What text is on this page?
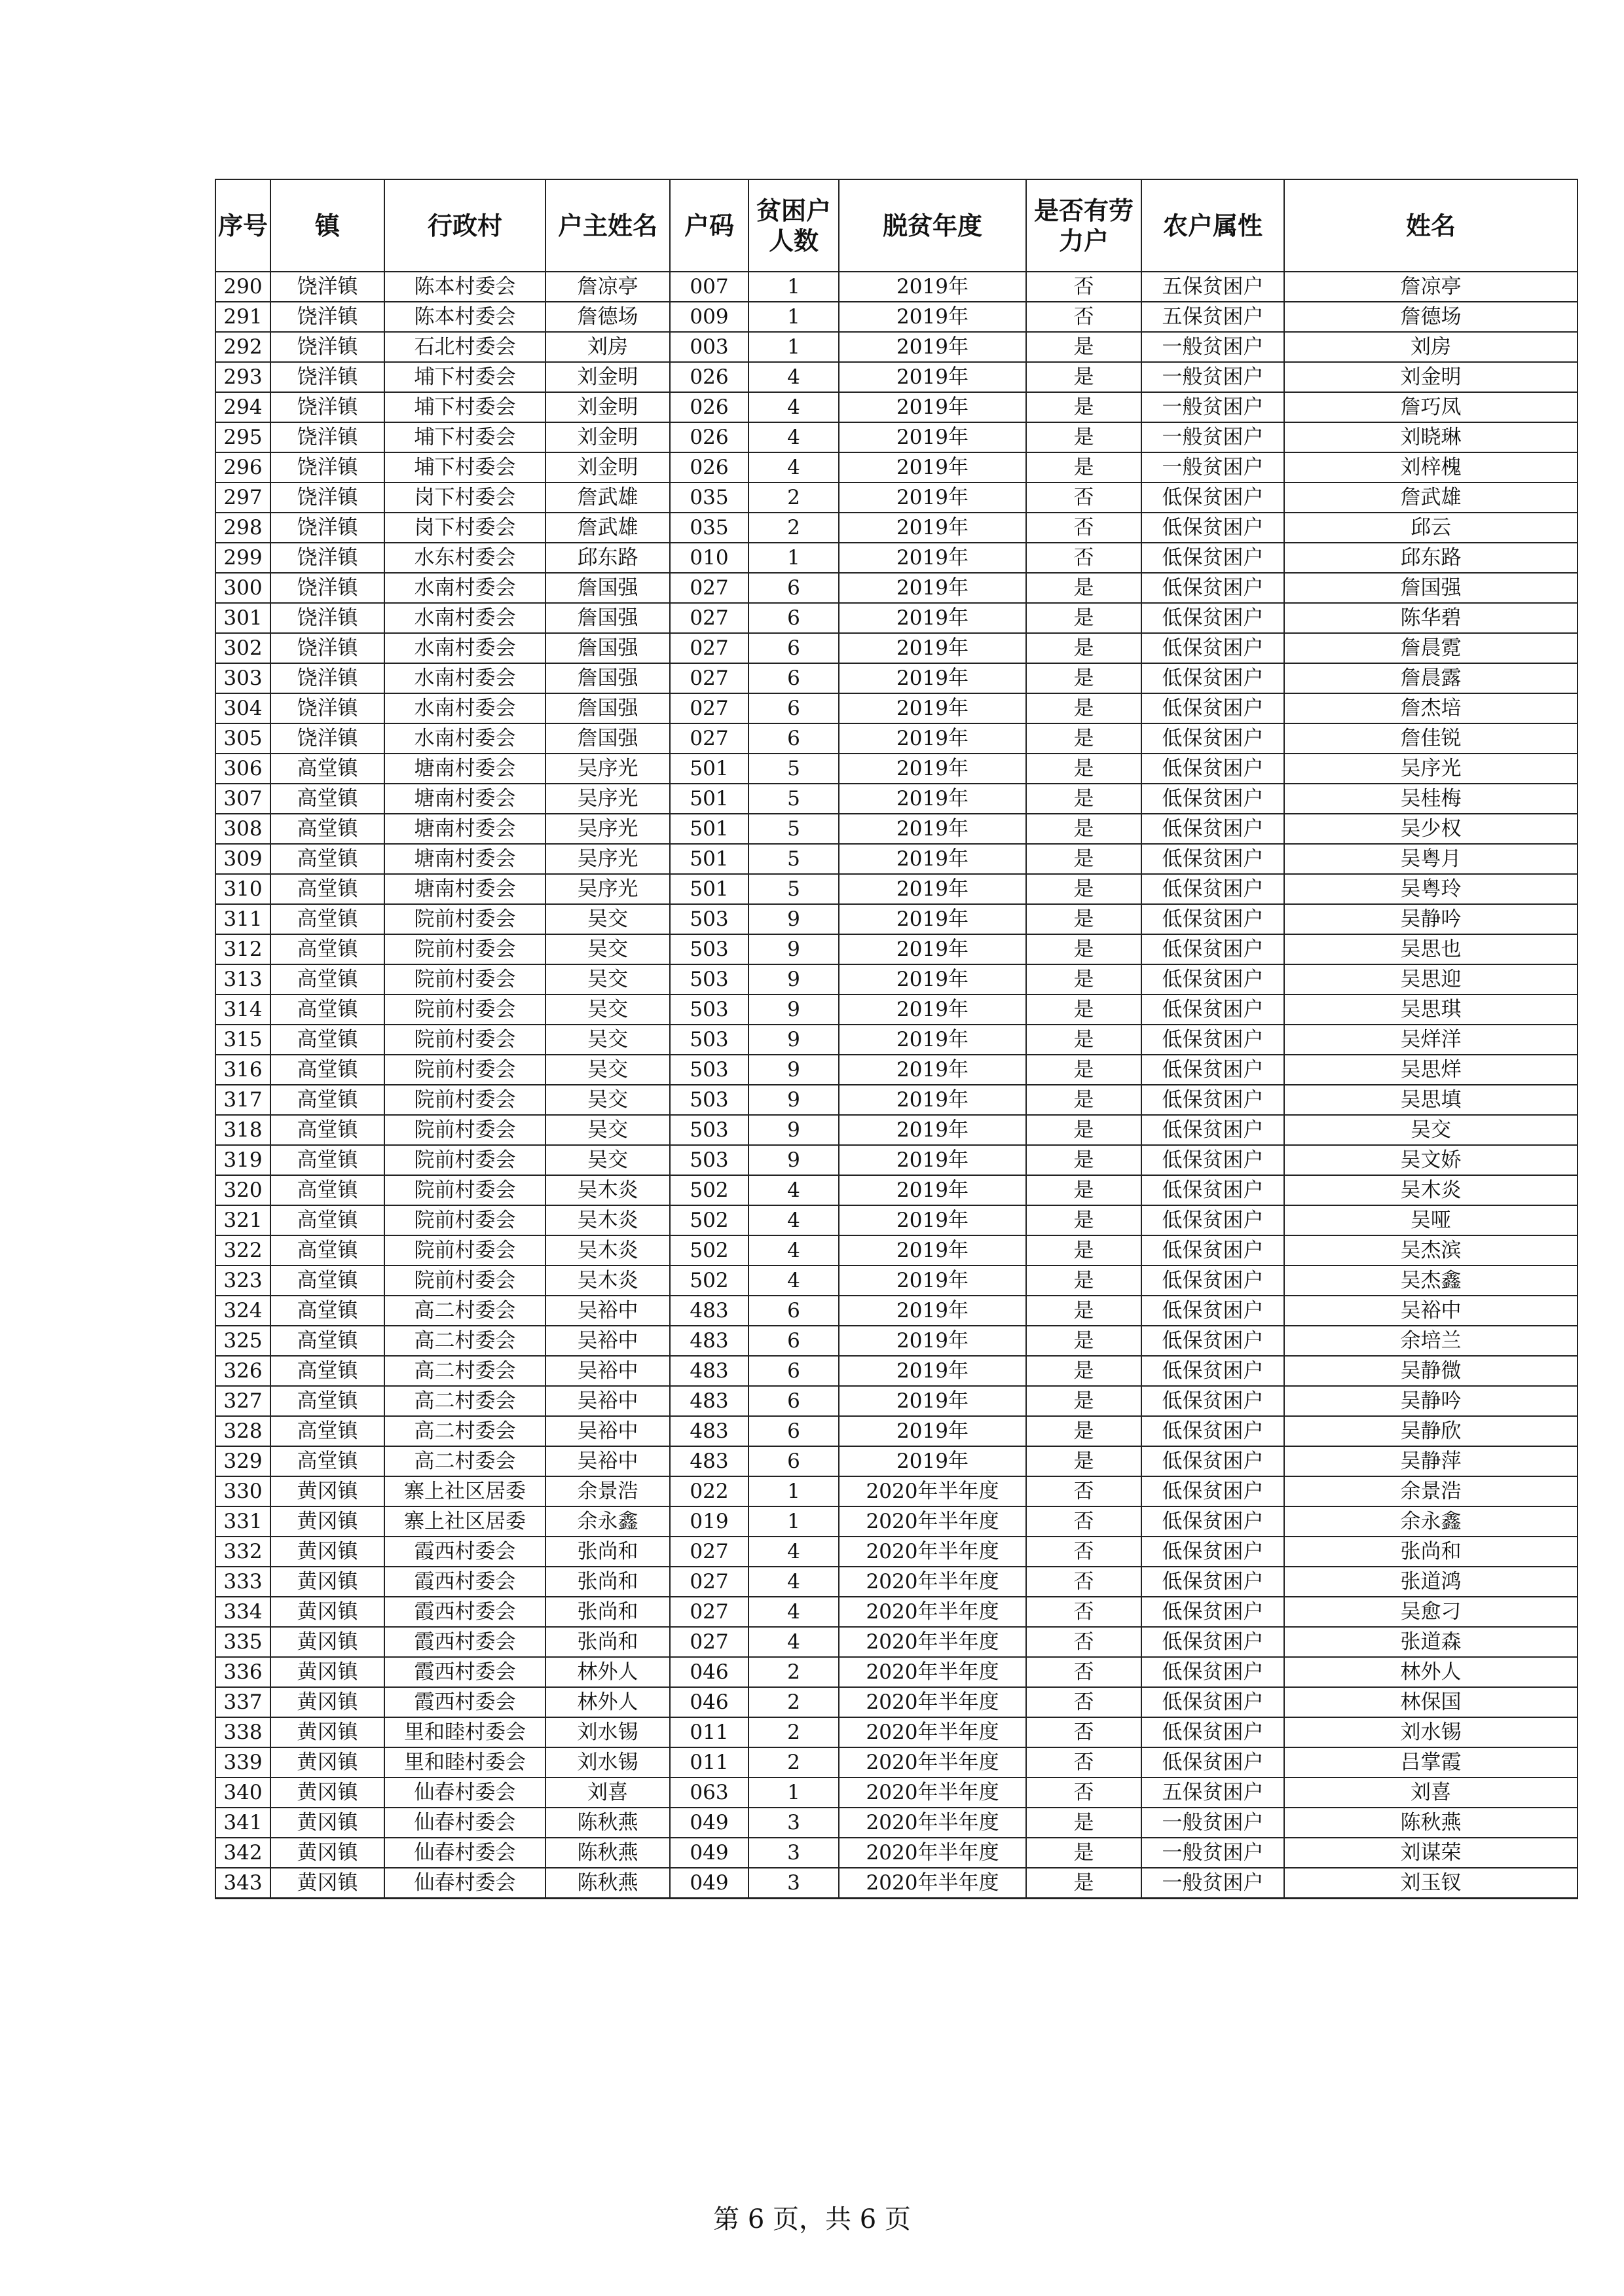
序号	镇	行政村	户主姓名	户码	贫困户人数	脱贫年度	是否有劳力户	农户属性	姓名
290	饶洋镇	陈本村委会	詹凉亭	007	1	2019年	否	五保贫困户	詹凉亭
291	饶洋镇	陈本村委会	詹德场	009	1	2019年	否	五保贫困户	詹德场
292	饶洋镇	石北村委会	刘房	003	1	2019年	是	一般贫困户	刘房
293	饶洋镇	埔下村委会	刘金明	026	4	2019年	是	一般贫困户	刘金明
294	饶洋镇	埔下村委会	刘金明	026	4	2019年	是	一般贫困户	詹巧凤
295	饶洋镇	埔下村委会	刘金明	026	4	2019年	是	一般贫困户	刘晓琳
296	饶洋镇	埔下村委会	刘金明	026	4	2019年	是	一般贫困户	刘梓槐
297	饶洋镇	岗下村委会	詹武雄	035	2	2019年	否	低保贫困户	詹武雄
298	饶洋镇	岗下村委会	詹武雄	035	2	2019年	否	低保贫困户	邱云
299	饶洋镇	水东村委会	邱东路	010	1	2019年	否	低保贫困户	邱东路
300	饶洋镇	水南村委会	詹国强	027	6	2019年	是	低保贫困户	詹国强
301	饶洋镇	水南村委会	詹国强	027	6	2019年	是	低保贫困户	陈华碧
302	饶洋镇	水南村委会	詹国强	027	6	2019年	是	低保贫困户	詹晨霓
303	饶洋镇	水南村委会	詹国强	027	6	2019年	是	低保贫困户	詹晨露
304	饶洋镇	水南村委会	詹国强	027	6	2019年	是	低保贫困户	詹杰培
305	饶洋镇	水南村委会	詹国强	027	6	2019年	是	低保贫困户	詹佳锐
306	高堂镇	塘南村委会	吴序光	501	5	2019年	是	低保贫困户	吴序光
307	高堂镇	塘南村委会	吴序光	501	5	2019年	是	低保贫困户	吴桂梅
308	高堂镇	塘南村委会	吴序光	501	5	2019年	是	低保贫困户	吴少权
309	高堂镇	塘南村委会	吴序光	501	5	2019年	是	低保贫困户	吴粤月
310	高堂镇	塘南村委会	吴序光	501	5	2019年	是	低保贫困户	吴粤玲
311	高堂镇	院前村委会	吴交	503	9	2019年	是	低保贫困户	吴静吟
312	高堂镇	院前村委会	吴交	503	9	2019年	是	低保贫困户	吴思也
313	高堂镇	院前村委会	吴交	503	9	2019年	是	低保贫困户	吴思迎
314	高堂镇	院前村委会	吴交	503	9	2019年	是	低保贫困户	吴思琪
315	高堂镇	院前村委会	吴交	503	9	2019年	是	低保贫困户	吴烊洋
316	高堂镇	院前村委会	吴交	503	9	2019年	是	低保贫困户	吴思烊
317	高堂镇	院前村委会	吴交	503	9	2019年	是	低保贫困户	吴思填
318	高堂镇	院前村委会	吴交	503	9	2019年	是	低保贫困户	吴交
319	高堂镇	院前村委会	吴交	503	9	2019年	是	低保贫困户	吴文娇
320	高堂镇	院前村委会	吴木炎	502	4	2019年	是	低保贫困户	吴木炎
321	高堂镇	院前村委会	吴木炎	502	4	2019年	是	低保贫困户	吴哑
322	高堂镇	院前村委会	吴木炎	502	4	2019年	是	低保贫困户	吴杰滨
323	高堂镇	院前村委会	吴木炎	502	4	2019年	是	低保贫困户	吴杰鑫
324	高堂镇	高二村委会	吴裕中	483	6	2019年	是	低保贫困户	吴裕中
325	高堂镇	高二村委会	吴裕中	483	6	2019年	是	低保贫困户	余培兰
326	高堂镇	高二村委会	吴裕中	483	6	2019年	是	低保贫困户	吴静微
327	高堂镇	高二村委会	吴裕中	483	6	2019年	是	低保贫困户	吴静吟
328	高堂镇	高二村委会	吴裕中	483	6	2019年	是	低保贫困户	吴静欣
329	高堂镇	高二村委会	吴裕中	483	6	2019年	是	低保贫困户	吴静萍
330	黄冈镇	寨上社区居委	余景浩	022	1	2020年半年度	否	低保贫困户	余景浩
331	黄冈镇	寨上社区居委	余永鑫	019	1	2020年半年度	否	低保贫困户	余永鑫
332	黄冈镇	霞西村委会	张尚和	027	4	2020年半年度	否	低保贫困户	张尚和
333	黄冈镇	霞西村委会	张尚和	027	4	2020年半年度	否	低保贫困户	张道鸿
334	黄冈镇	霞西村委会	张尚和	027	4	2020年半年度	否	低保贫困户	吴愈刁
335	黄冈镇	霞西村委会	张尚和	027	4	2020年半年度	否	低保贫困户	张道森
336	黄冈镇	霞西村委会	林外人	046	2	2020年半年度	否	低保贫困户	林外人
337	黄冈镇	霞西村委会	林外人	046	2	2020年半年度	否	低保贫困户	林保国
338	黄冈镇	里和睦村委会	刘水锡	011	2	2020年半年度	否	低保贫困户	刘水锡
339	黄冈镇	里和睦村委会	刘水锡	011	2	2020年半年度	否	低保贫困户	吕掌霞
340	黄冈镇	仙春村委会	刘喜	063	1	2020年半年度	否	五保贫困户	刘喜
341	黄冈镇	仙春村委会	陈秋燕	049	3	2020年半年度	是	一般贫困户	陈秋燕
342	黄冈镇	仙春村委会	陈秋燕	049	3	2020年半年度	是	一般贫困户	刘谋荣
343	黄冈镇	仙春村委会	陈秋燕	049	3	2020年半年度	是	一般贫困户	刘玉钗
第 6 页，共 6 页
